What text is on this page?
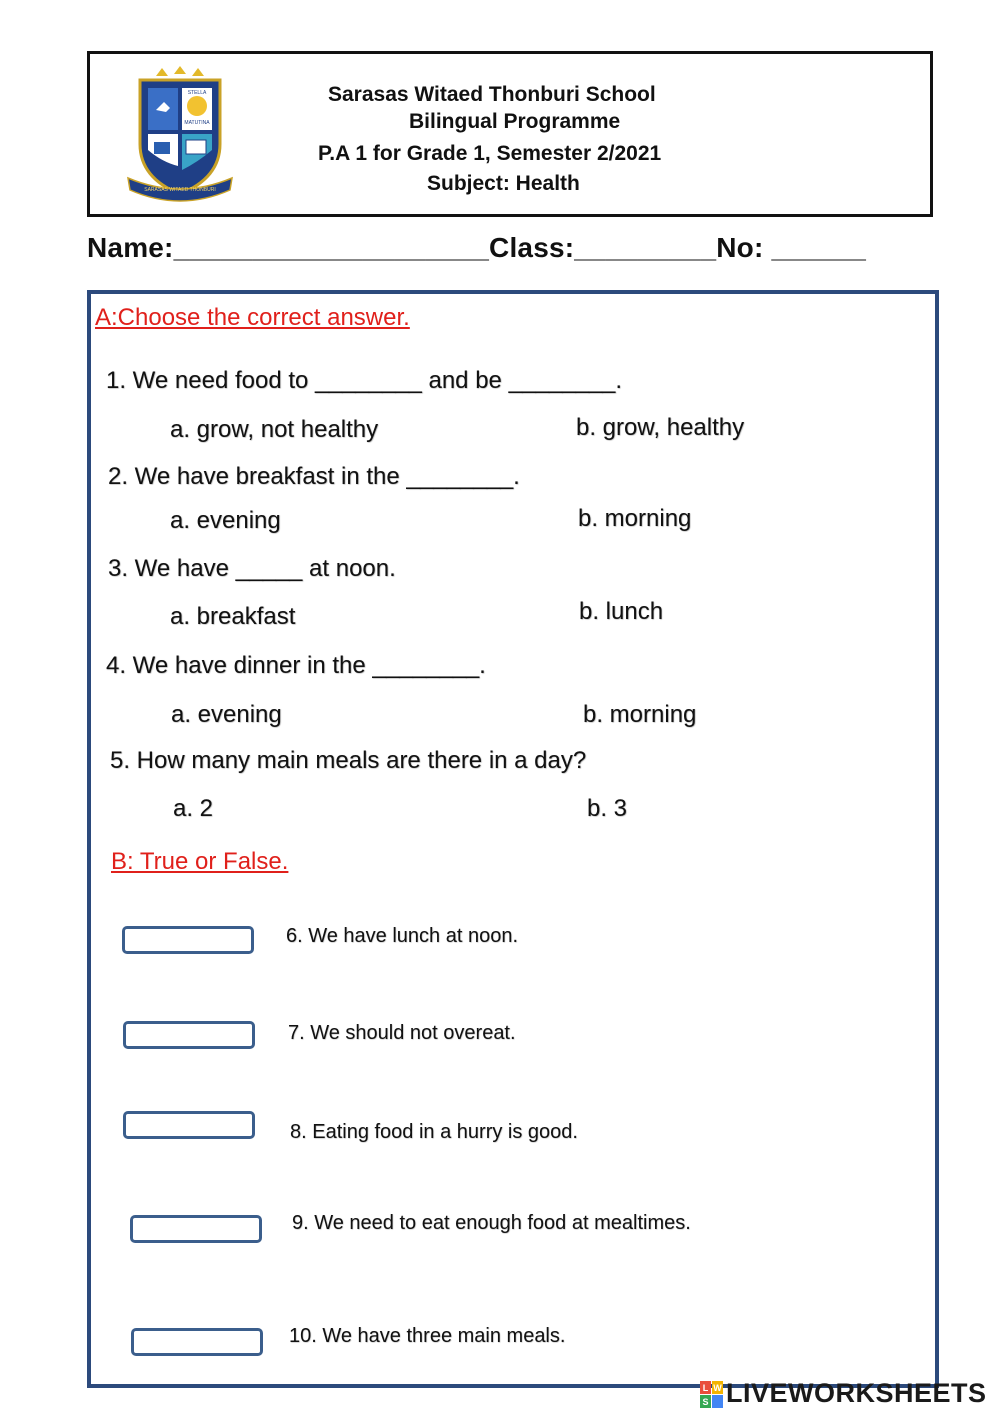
STELLA
MATUTINA
SARASAS WITAED THONBURI
Sarasas Witaed Thonburi School
Bilingual Programme
P.A 1 for Grade 1, Semester 2/2021
Subject: Health
Name:____________________Class:_________No: ______
A:Choose the correct answer.
1. We need food to ________ and be ________.
a. grow, not healthy	b. grow, healthy
2. We have breakfast in the ________.
a. evening	b. morning
3. We have _____ at noon.
a. breakfast	b. lunch
4. We have dinner in the ________.
a. evening	b. morning
5. How many main meals are there in a day?
a. 2	b. 3
B: True or False.
6. We have lunch at noon.
7. We should not overeat.
8. Eating food in a hurry is good.
9. We need to eat enough food at mealtimes.
10. We have three main meals.
L W
S LIVEWORKSHEETS
